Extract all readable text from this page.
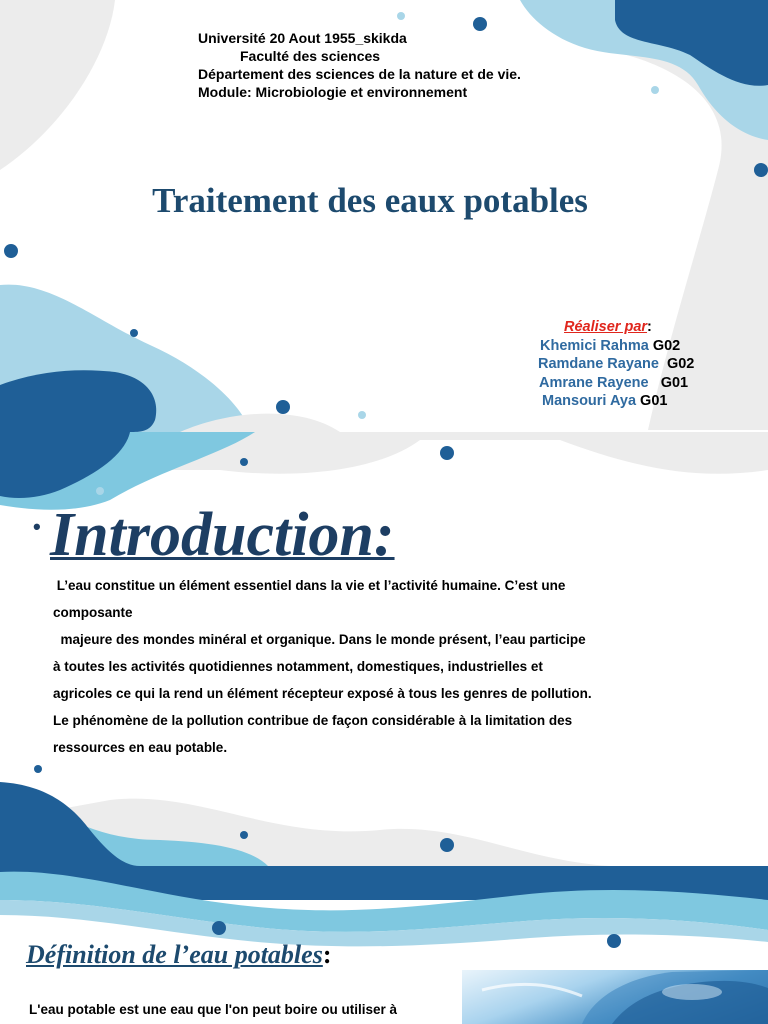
Université 20 Aout 1955_skikda
Faculté des sciences
Département des sciences de la nature et de vie.
Module: Microbiologie et environnement
Traitement des eaux potables
Réaliser par:
Khemici Rahma G02
Ramdane Rayane  G02
Amrane Rayene   G01
Mansouri Aya G01
• Introduction:
L’eau constitue un élément essentiel dans la vie et l’activité humaine. C’est une
composante
majeure des mondes minéral et organique. Dans le monde présent, l’eau participe
à toutes les activités quotidiennes notamment, domestiques, industrielles et
agricoles ce qui la rend un élément récepteur exposé à tous les genres de pollution.
Le phénomène de la pollution contribue de façon considérable à la limitation des
ressources en eau potable.
Définition de l’eau potables:
L'eau potable est une eau que l'on peut boire ou utiliser à
